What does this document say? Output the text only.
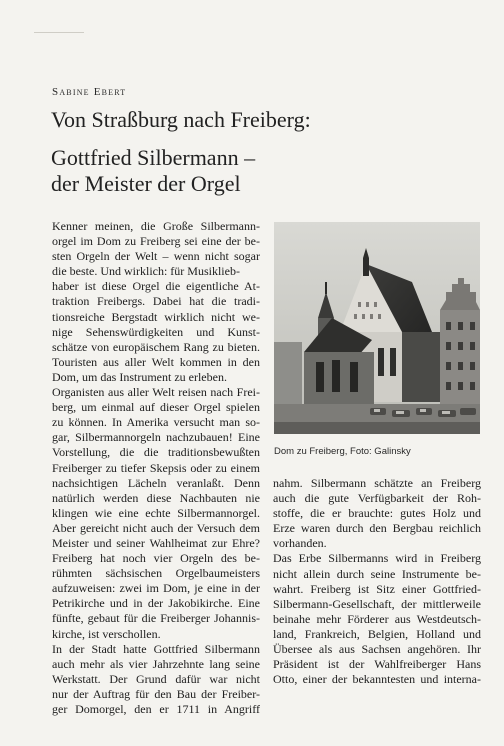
Sabine Ebert
Von Straßburg nach Freiberg:
Gottfried Silbermann –
der Meister der Orgel
Kenner meinen, die Große Silbermann-
orgel im Dom zu Freiberg sei eine der be-
sten Orgeln der Welt – wenn nicht sogar
die beste. Und wirklich: für Musiklieb-
haber ist diese Orgel die eigentliche At-
traktion Freibergs. Dabei hat die tradi-
tionsreiche Bergstadt wirklich nicht we-
nige Sehenswürdigkeiten und Kunst-
schätze von europäischem Rang zu bieten.
Touristen aus aller Welt kommen in den
Dom, um das Instrument zu erleben.
Organisten aus aller Welt reisen nach Frei-
berg, um einmal auf dieser Orgel spielen
zu können. In Amerika versucht man so-
gar, Silbermannorgeln nachzubauen! Eine
Vorstellung, die die traditionsbewußten
Freiberger zu tiefer Skepsis oder zu einem
nachsichtigen Lächeln veranlaßt. Denn
natürlich werden diese Nachbauten nie
klingen wie eine echte Silbermannorgel.
Aber gereicht nicht auch der Versuch dem
Meister und seiner Wahlheimat zur Ehre?
Freiberg hat noch vier Orgeln des be-
rühmten sächsischen Orgelbaumeisters
aufzuweisen: zwei im Dom, je eine in der
Petrikirche und in der Jakobikirche. Eine
fünfte, gebaut für die Freiberger Johannis-
kirche, ist verschollen.
In der Stadt hatte Gottfried Silbermann
auch mehr als vier Jahrzehnte lang seine
Werkstatt. Der Grund dafür war nicht
nur der Auftrag für den Bau der Freiber-
ger Domorgel, den er 1711 in Angriff
Dom zu Freiberg, Foto: Galinsky
nahm. Silbermann schätzte an Freiberg
auch die gute Verfügbarkeit der Roh-
stoffe, die er brauchte: gutes Holz und
Erze waren durch den Bergbau reichlich
vorhanden.
Das Erbe Silbermanns wird in Freiberg
nicht allein durch seine Instrumente be-
wahrt. Freiberg ist Sitz einer Gottfried-
Silbermann-Gesellschaft, der mittlerweile
beinahe mehr Förderer aus Westdeutsch-
land, Frankreich, Belgien, Holland und
Übersee als aus Sachsen angehören. Ihr
Präsident ist der Wahlfreiberger Hans
Otto, einer der bekanntesten und interna-
